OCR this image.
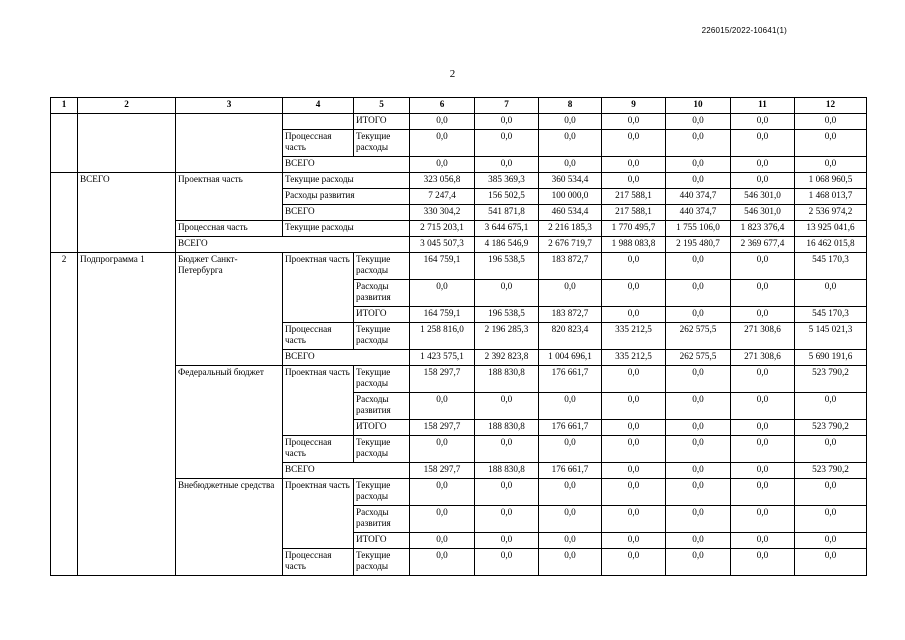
226015/2022-10641(1)
2
1	2	3	4	5	6	7	8	9	10	11	12
				ИТОГО	0,0	0,0	0,0	0,0	0,0	0,0	0,0
			Процессная часть	Текущие расходы	0,0	0,0	0,0	0,0	0,0	0,0	0,0
			ВСЕГО		0,0	0,0	0,0	0,0	0,0	0,0	0,0
	ВСЕГО	Проектная часть	Текущие расходы		323 056,8	385 369,3	360 534,4	0,0	0,0	0,0	1 068 960,5
			Расходы развития		7 247,4	156 502,5	100 000,0	217 588,1	440 374,7	546 301,0	1 468 013,7
			ВСЕГО		330 304,2	541 871,8	460 534,4	217 588,1	440 374,7	546 301,0	2 536 974,2
		Процессная часть	Текущие расходы		2 715 203,1	3 644 675,1	2 216 185,3	1 770 495,7	1 755 106,0	1 823 376,4	13 925 041,6
		ВСЕГО			3 045 507,3	4 186 546,9	2 676 719,7	1 988 083,8	2 195 480,7	2 369 677,4	16 462 015,8
2	Подпрограмма 1	Бюджет Санкт-Петербурга	Проектная часть	Текущие расходы	164 759,1	196 538,5	183 872,7	0,0	0,0	0,0	545 170,3
				Расходы развития	0,0	0,0	0,0	0,0	0,0	0,0	0,0
				ИТОГО	164 759,1	196 538,5	183 872,7	0,0	0,0	0,0	545 170,3
			Процессная часть	Текущие расходы	1 258 816,0	2 196 285,3	820 823,4	335 212,5	262 575,5	271 308,6	5 145 021,3
			ВСЕГО		1 423 575,1	2 392 823,8	1 004 696,1	335 212,5	262 575,5	271 308,6	5 690 191,6
		Федеральный бюджет	Проектная часть	Текущие расходы	158 297,7	188 830,8	176 661,7	0,0	0,0	0,0	523 790,2
				Расходы развития	0,0	0,0	0,0	0,0	0,0	0,0	0,0
				ИТОГО	158 297,7	188 830,8	176 661,7	0,0	0,0	0,0	523 790,2
			Процессная часть	Текущие расходы	0,0	0,0	0,0	0,0	0,0	0,0	0,0
			ВСЕГО		158 297,7	188 830,8	176 661,7	0,0	0,0	0,0	523 790,2
		Внебюджетные средства	Проектная часть	Текущие расходы	0,0	0,0	0,0	0,0	0,0	0,0	0,0
				Расходы развития	0,0	0,0	0,0	0,0	0,0	0,0	0,0
				ИТОГО	0,0	0,0	0,0	0,0	0,0	0,0	0,0
			Процессная часть	Текущие расходы	0,0	0,0	0,0	0,0	0,0	0,0	0,0
